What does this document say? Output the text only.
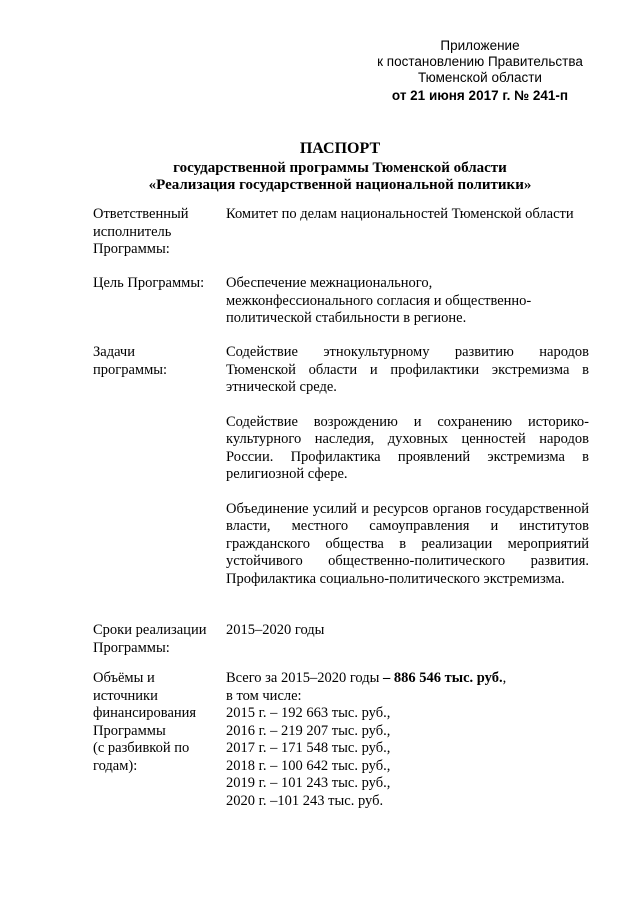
Приложение
к постановлению Правительства
Тюменской области
от 21 июня 2017 г. № 241-п
ПАСПОРТ
государственной программы Тюменской области
«Реализация государственной национальной политики»
Ответственный
исполнитель
Программы:
Комитет по делам национальностей Тюменской области
Цель Программы:	Обеспечение межнационального,
межконфессионального согласия и общественно-
политической стабильности в регионе.
Задачи
программы:

Содействие этнокультурному развитию народов Тюменской области и профилактики экстремизма в этнической среде.

Содействие возрождению и сохранению историко-культурного наследия, духовных ценностей народов России. Профилактика проявлений экстремизма в религиозной сфере.

Объединение усилий и ресурсов органов государственной власти, местного самоуправления и институтов гражданского общества в реализации мероприятий устойчивого общественно-политического развития. Профилактика социально-политического экстремизма.

Сроки реализации
Программы:
2015–2020 годы
Объёмы и
источники
финансирования
Программы
(с разбивкой по
годам):
Всего за 2015–2020 годы – 886 546 тыс. руб.,
в том числе:
2015 г. – 192 663 тыс. руб.,
2016 г. – 219 207 тыс. руб.,
2017 г. – 171 548 тыс. руб.,
2018 г. – 100 642 тыс. руб.,
2019 г. – 101 243 тыс. руб.,
2020 г. –101 243 тыс. руб.
